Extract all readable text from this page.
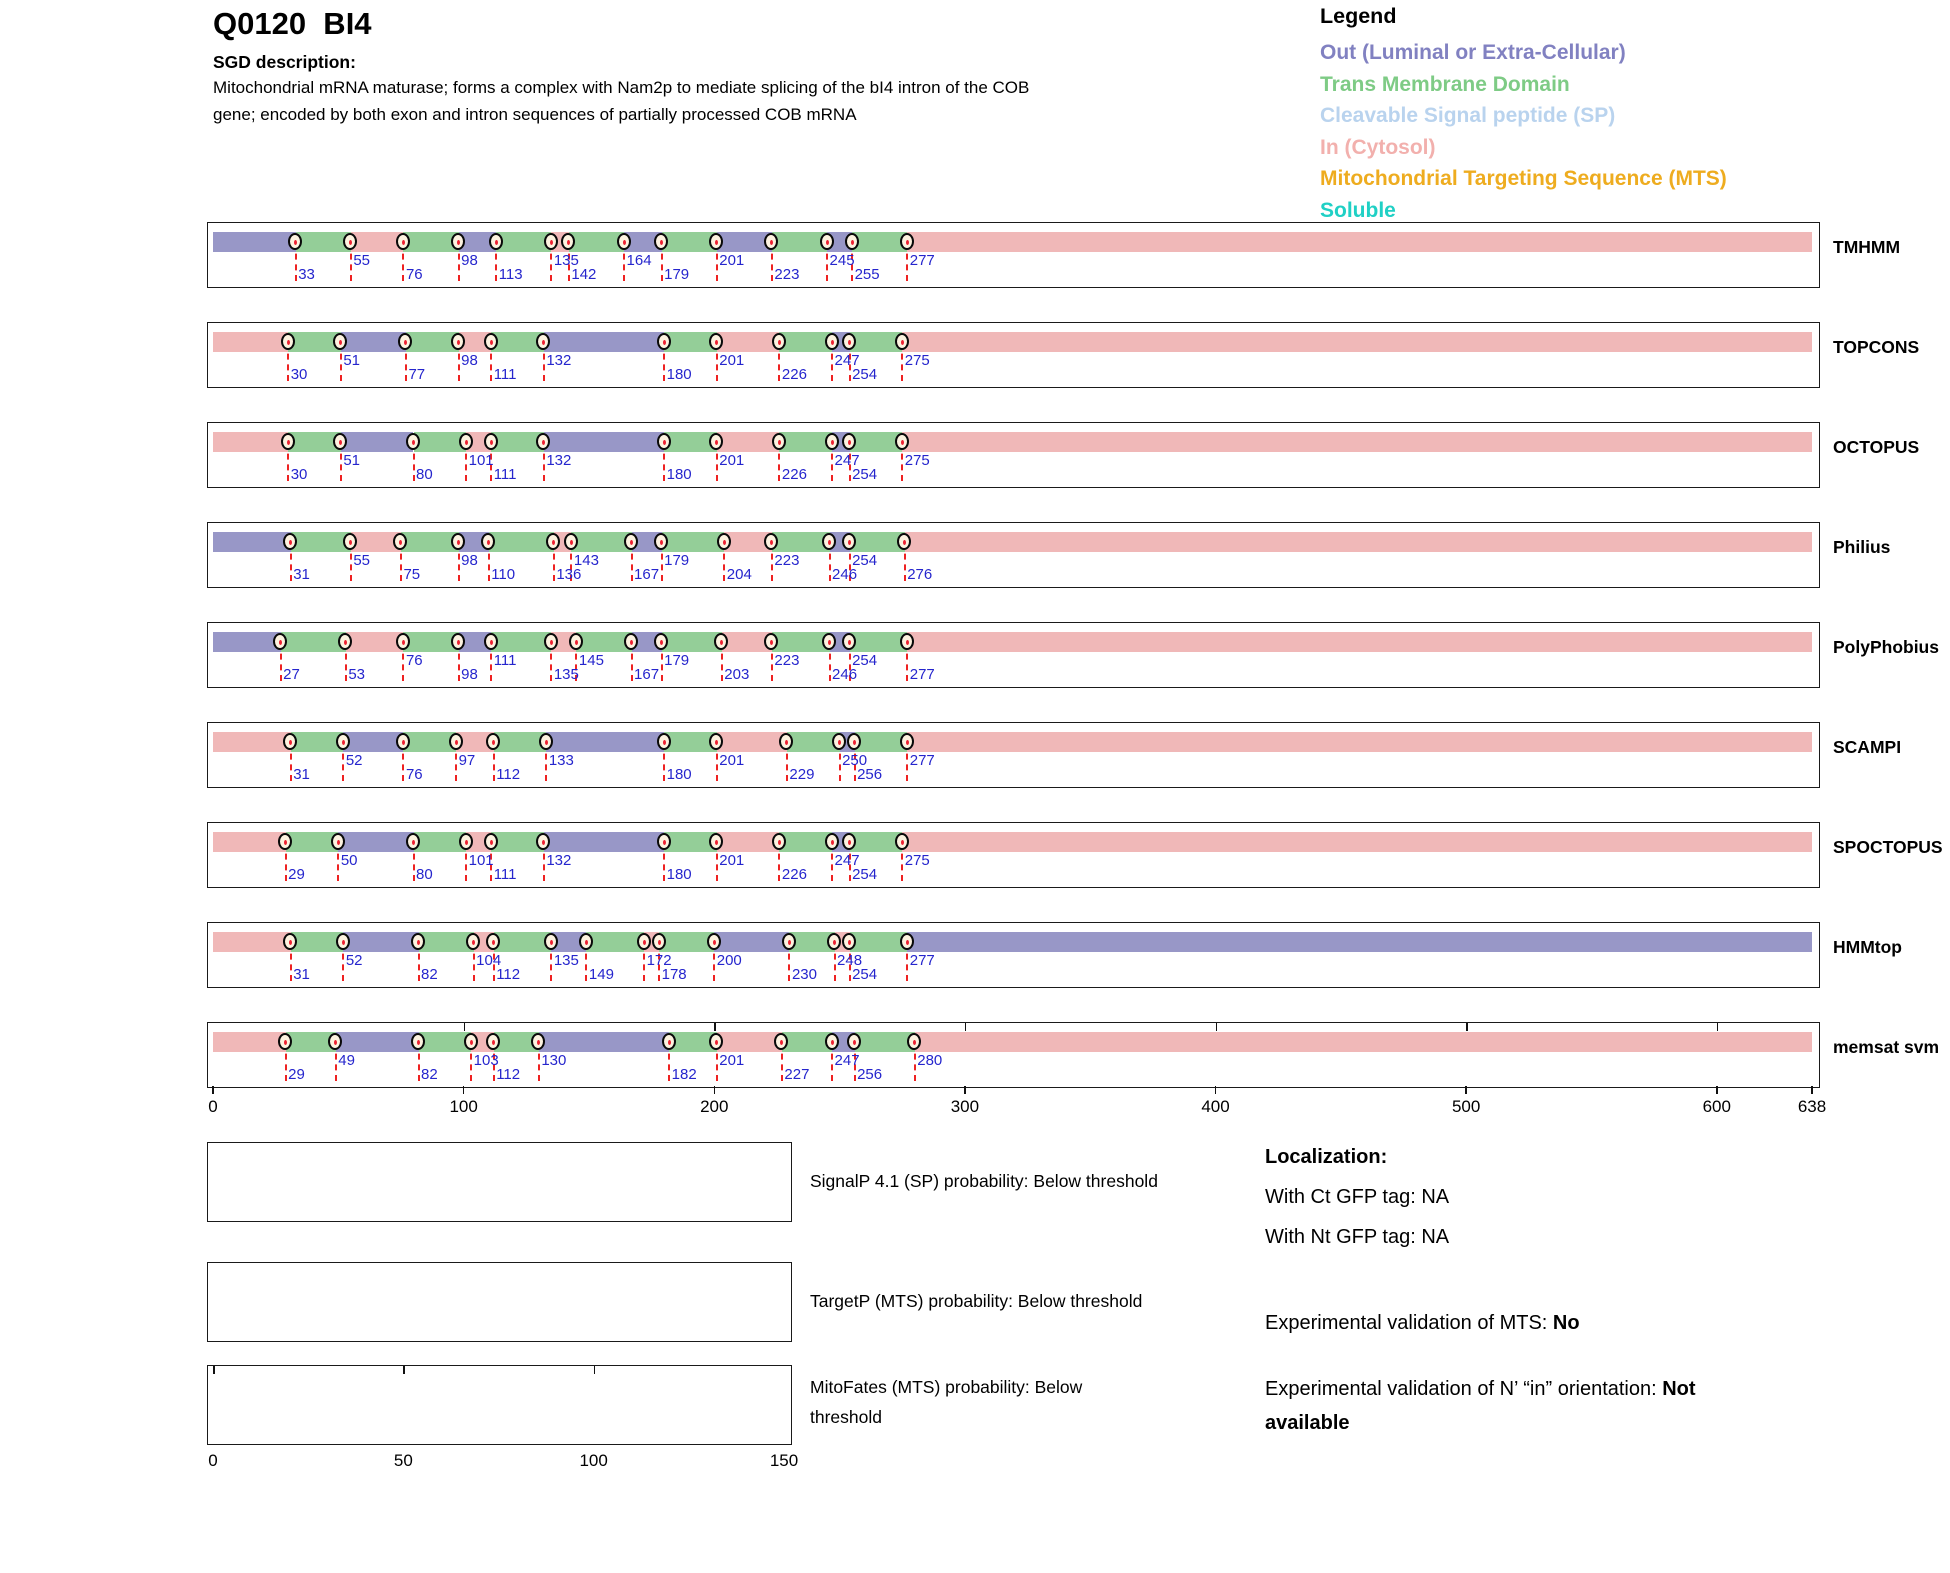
Q0120  BI4
SGD description:
Mitochondrial mRNA maturase; forms a complex with Nam2p to mediate splicing of the bI4 intron of the COB gene; encoded by both exon and intron sequences of partially processed COB mRNA
Legend
Out (Luminal or Extra-Cellular)
Trans Membrane Domain
Cleavable Signal peptide (SP)
In (Cytosol)
Mitochondrial Targeting Sequence (MTS)
Soluble
33
55
76
98
113
135
142
164
179
201
223
245
255
277
TMHMM
30
51
77
98
111
132
180
201
226
247
254
275
TOPCONS
30
51
80
101
111
132
180
201
226
247
254
275
OCTOPUS
31
55
75
98
110	136
143
167
179
204
223
246
254
276
Philius
27	53
76
98
111
135
145
167
179
203
223
246
254
277
PolyPhobius
31
52
76
97
112
133
180
201
229
250
256
277
SCAMPI
29
50
80
101
111
132
180
201
226
247
254
275
SPOCTOPUS
31
52
82
104
112
135
149
172
178
200
230
248
254
277
HMMtop
29
49
82
103
112
130
182
201
227
247
256
280
memsat svm
0	100	200	300	400	500	600	638
SignalP 4.1 (SP) probability: Below threshold
TargetP (MTS) probability: Below threshold
MitoFates (MTS) probability: Below threshold
0	50	100	150
Localization:
With Ct GFP tag: NA
With Nt GFP tag: NA
Experimental validation of MTS: No
Experimental validation of N’ “in” orientation: Not available
